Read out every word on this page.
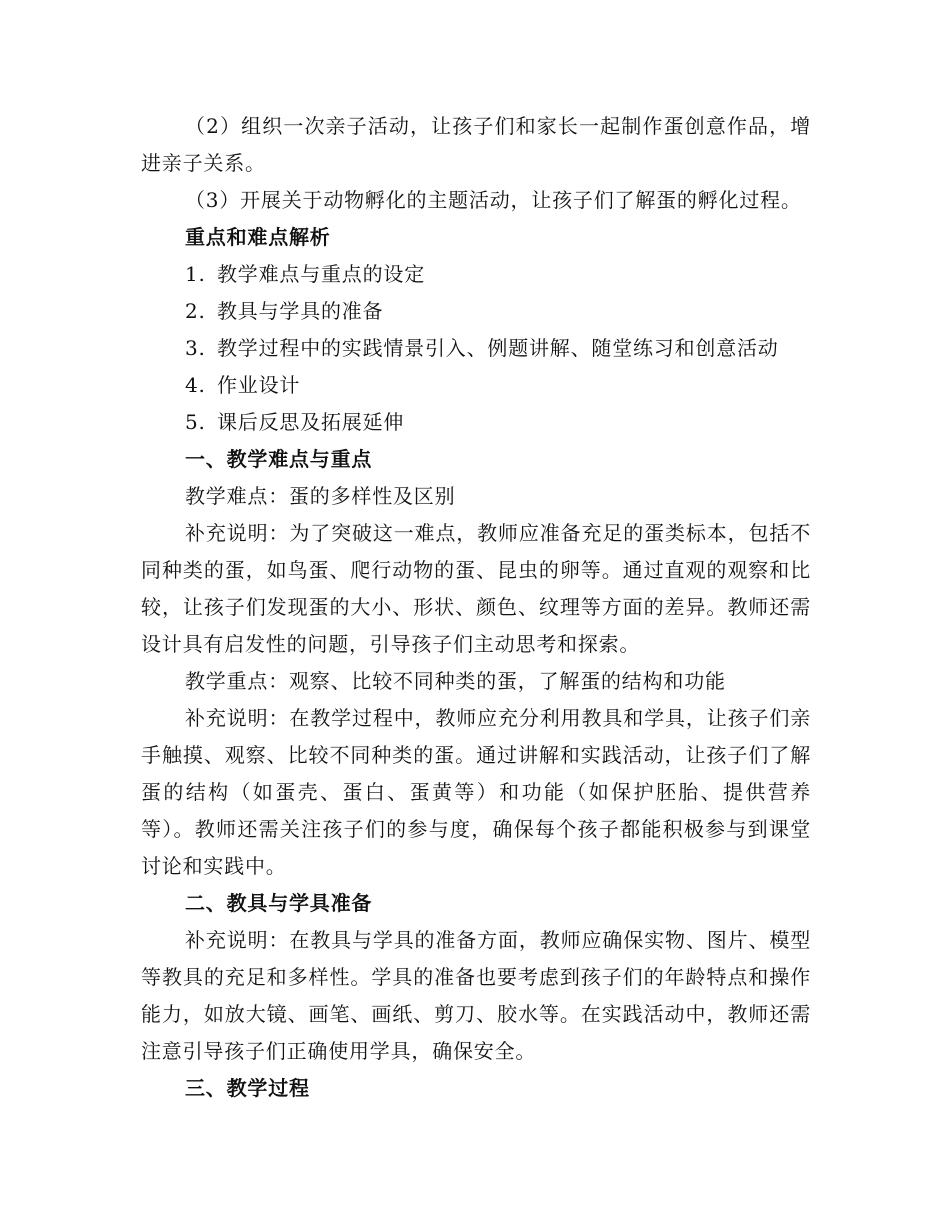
（2）组织一次亲子活动，让孩子们和家长一起制作蛋创意作品，增进亲子关系。

（3）开展关于动物孵化的主题活动，让孩子们了解蛋的孵化过程。

重点和难点解析

1. 教学难点与重点的设定

2. 教具与学具的准备

3. 教学过程中的实践情景引入、例题讲解、随堂练习和创意活动

4. 作业设计

5. 课后反思及拓展延伸

一、教学难点与重点

教学难点：蛋的多样性及区别

补充说明：为了突破这一难点，教师应准备充足的蛋类标本，包括不同种类的蛋，如鸟蛋、爬行动物的蛋、昆虫的卵等。通过直观的观察和比较，让孩子们发现蛋的大小、形状、颜色、纹理等方面的差异。教师还需设计具有启发性的问题，引导孩子们主动思考和探索。

教学重点：观察、比较不同种类的蛋，了解蛋的结构和功能

补充说明：在教学过程中，教师应充分利用教具和学具，让孩子们亲手触摸、观察、比较不同种类的蛋。通过讲解和实践活动，让孩子们了解蛋的结构（如蛋壳、蛋白、蛋黄等）和功能（如保护胚胎、提供营养等）。教师还需关注孩子们的参与度，确保每个孩子都能积极参与到课堂讨论和实践中。

二、教具与学具准备

补充说明：在教具与学具的准备方面，教师应确保实物、图片、模型等教具的充足和多样性。学具的准备也要考虑到孩子们的年龄特点和操作能力，如放大镜、画笔、画纸、剪刀、胶水等。在实践活动中，教师还需注意引导孩子们正确使用学具，确保安全。

三、教学过程
